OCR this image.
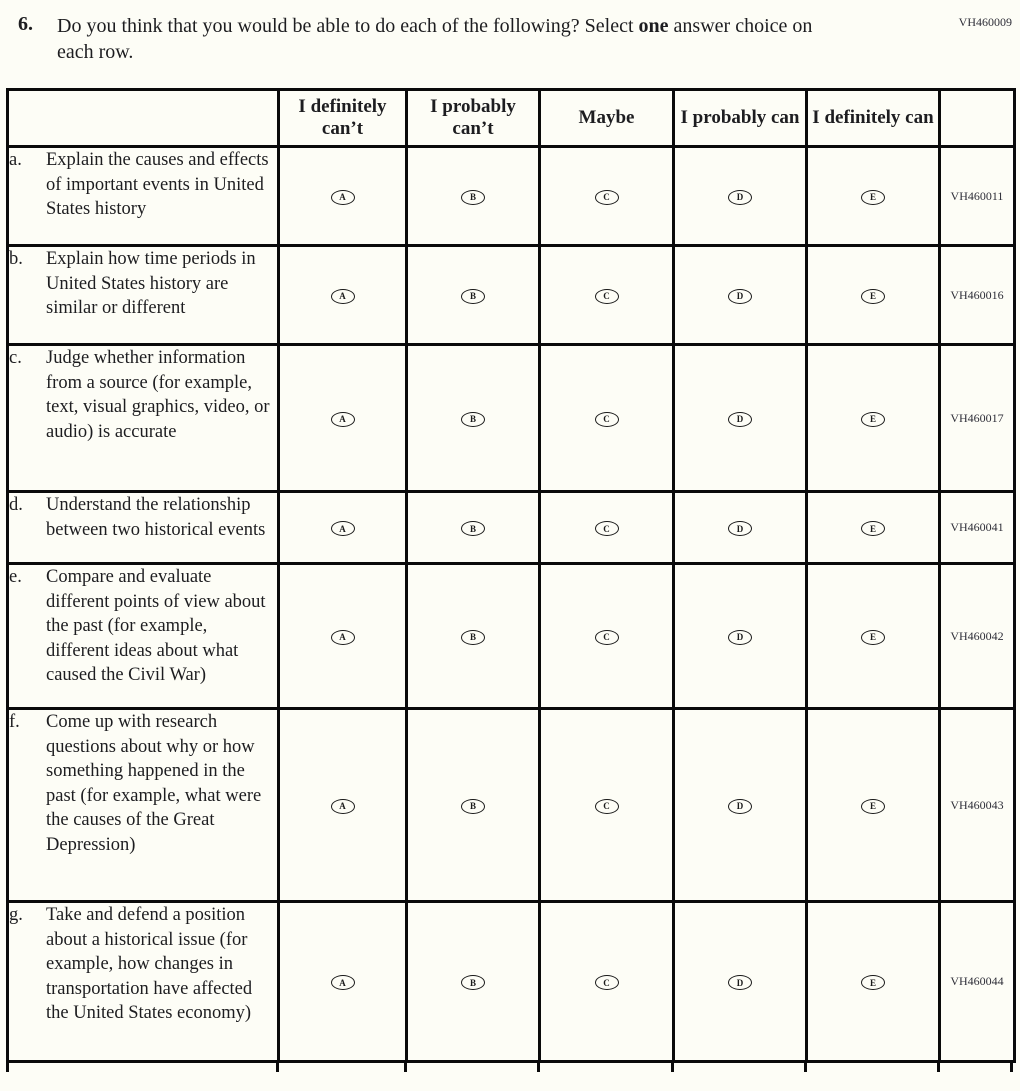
VH460009
6.	Do you think that you would be able to do each of the following? Select one answer choice on each row.

	I definitely can’t	I probably can’t	Maybe	I probably can	I definitely can	

a. Explain the causes and effects of important events in United States history	A	B	C	D	E	VH460011

b. Explain how time periods in United States history are similar or different	A	B	C	D	E	VH460016

c. Judge whether information from a source (for example, text, visual graphics, video, or audio) is accurate	A	B	C	D	E	VH460017

d. Understand the relationship between two historical events	A	B	C	D	E	VH460041

e. Compare and evaluate different points of view about the past (for example, different ideas about what caused the Civil War)	A	B	C	D	E	VH460042

f. Come up with research questions about why or how something happened in the past (for example, what were the causes of the Great Depression)	A	B	C	D	E	VH460043

g. Take and defend a position about a historical issue (for example, how changes in transportation have affected the United States economy)	A	B	C	D	E	VH460044
